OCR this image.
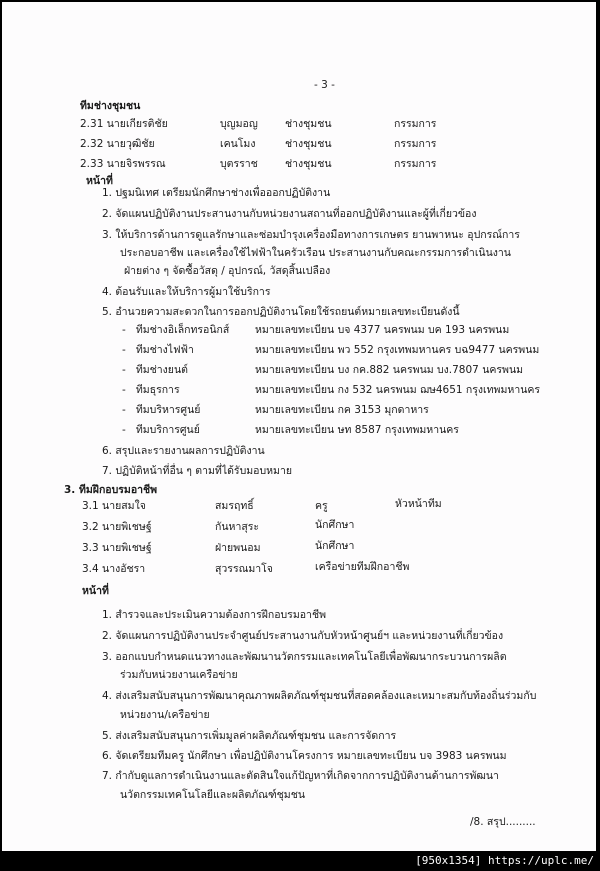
- 3 -
ทีมช่างชุมชน
2.31 นายเกียรติชัย	บุญมอญ	ช่างชุมชน	กรรมการ
2.32 นายวุฒิชัย	เคนโมง	ช่างชุมชน	กรรมการ
2.33 นายจิรพรรณ	บุตรราช	ช่างชุมชน	กรรมการ
หน้าที่
1. ปฐมนิเทศ เตรียมนักศึกษาช่างเพื่อออกปฏิบัติงาน
2. จัดแผนปฏิบัติงานประสานงานกับหน่วยงานสถานที่ออกปฏิบัติงานและผู้ที่เกี่ยวข้อง
3. ให้บริการด้านการดูแลรักษาและซ่อมบำรุงเครื่องมือทางการเกษตร ยานพาหนะ อุปกรณ์การ
ประกอบอาชีพ และเครื่องใช้ไฟฟ้าในครัวเรือน ประสานงานกับคณะกรรมการดำเนินงาน
ฝ่ายต่าง ๆ จัดซื้อวัสดุ / อุปกรณ์, วัสดุสิ้นเปลือง
4. ต้อนรับและให้บริการผู้มาใช้บริการ
5. อำนวยความสะดวกในการออกปฏิบัติงานโดยใช้รถยนต์หมายเลขทะเบียนดังนี้
-   ทีมช่างอิเล็กทรอนิกส์ หมายเลขทะเบียน บจ 4377 นครพนม บค 193 นครพนม
-   ทีมช่างไฟฟ้า	หมายเลขทะเบียน พว 552 กรุงเทพมหานคร บฉ9477 นครพนม
-   ทีมช่างยนต์	หมายเลขทะเบียน บง กค.882 นครพนม บง.7807 นครพนม
-   ทีมธุรการ	หมายเลขทะเบียน กง 532 นครพนม ฌษ4651 กรุงเทพมหานคร
-   ทีมบริหารศูนย์	หมายเลขทะเบียน กค 3153 มุกดาหาร
-   ทีมบริการศูนย์	หมายเลขทะเบียน ษท 8587 กรุงเทพมหานคร
6. สรุปและรายงานผลการปฏิบัติงาน
7. ปฏิบัติหน้าที่อื่น ๆ ตามที่ได้รับมอบหมาย
3. ทีมฝึกอบรมอาชีพ
3.1 นายสมใจ	สมรฤทธิ์	ครู	หัวหน้าทีม
3.2 นายพิเชษฐ์	กันหาสุระ	นักศึกษา
3.3 นายพิเชษฐ์	ฝ่ายพนอม	นักศึกษา
3.4 นางอัชรา	สุวรรณมาโจ	เครือข่ายทีมฝึกอาชีพ
หน้าที่
1. สำรวจและประเมินความต้องการฝึกอบรมอาชีพ
2. จัดแผนการปฏิบัติงานประจำศูนย์ประสานงานกับหัวหน้าศูนย์ฯ และหน่วยงานที่เกี่ยวข้อง
3. ออกแบบกำหนดแนวทางและพัฒนานวัตกรรมและเทคโนโลยีเพื่อพัฒนากระบวนการผลิต
ร่วมกับหน่วยงานเครือข่าย
4. ส่งเสริมสนับสนุนการพัฒนาคุณภาพผลิตภัณฑ์ชุมชนที่สอดคล้องและเหมาะสมกับท้องถิ่นร่วมกับ
หน่วยงาน/เครือข่าย
5. ส่งเสริมสนับสนุนการเพิ่มมูลค่าผลิตภัณฑ์ชุมชน และการจัดการ
6. จัดเตรียมทีมครู นักศึกษา เพื่อปฏิบัติงานโครงการ หมายเลขทะเบียน บจ 3983 นครพนม
7. กำกับดูแลการดำเนินงานและตัดสินใจแก้ปัญหาที่เกิดจากการปฏิบัติงานด้านการพัฒนา
นวัตกรรมเทคโนโลยีและผลิตภัณฑ์ชุมชน
/8. สรุป.........
[950x1354] https://uplc.me/
